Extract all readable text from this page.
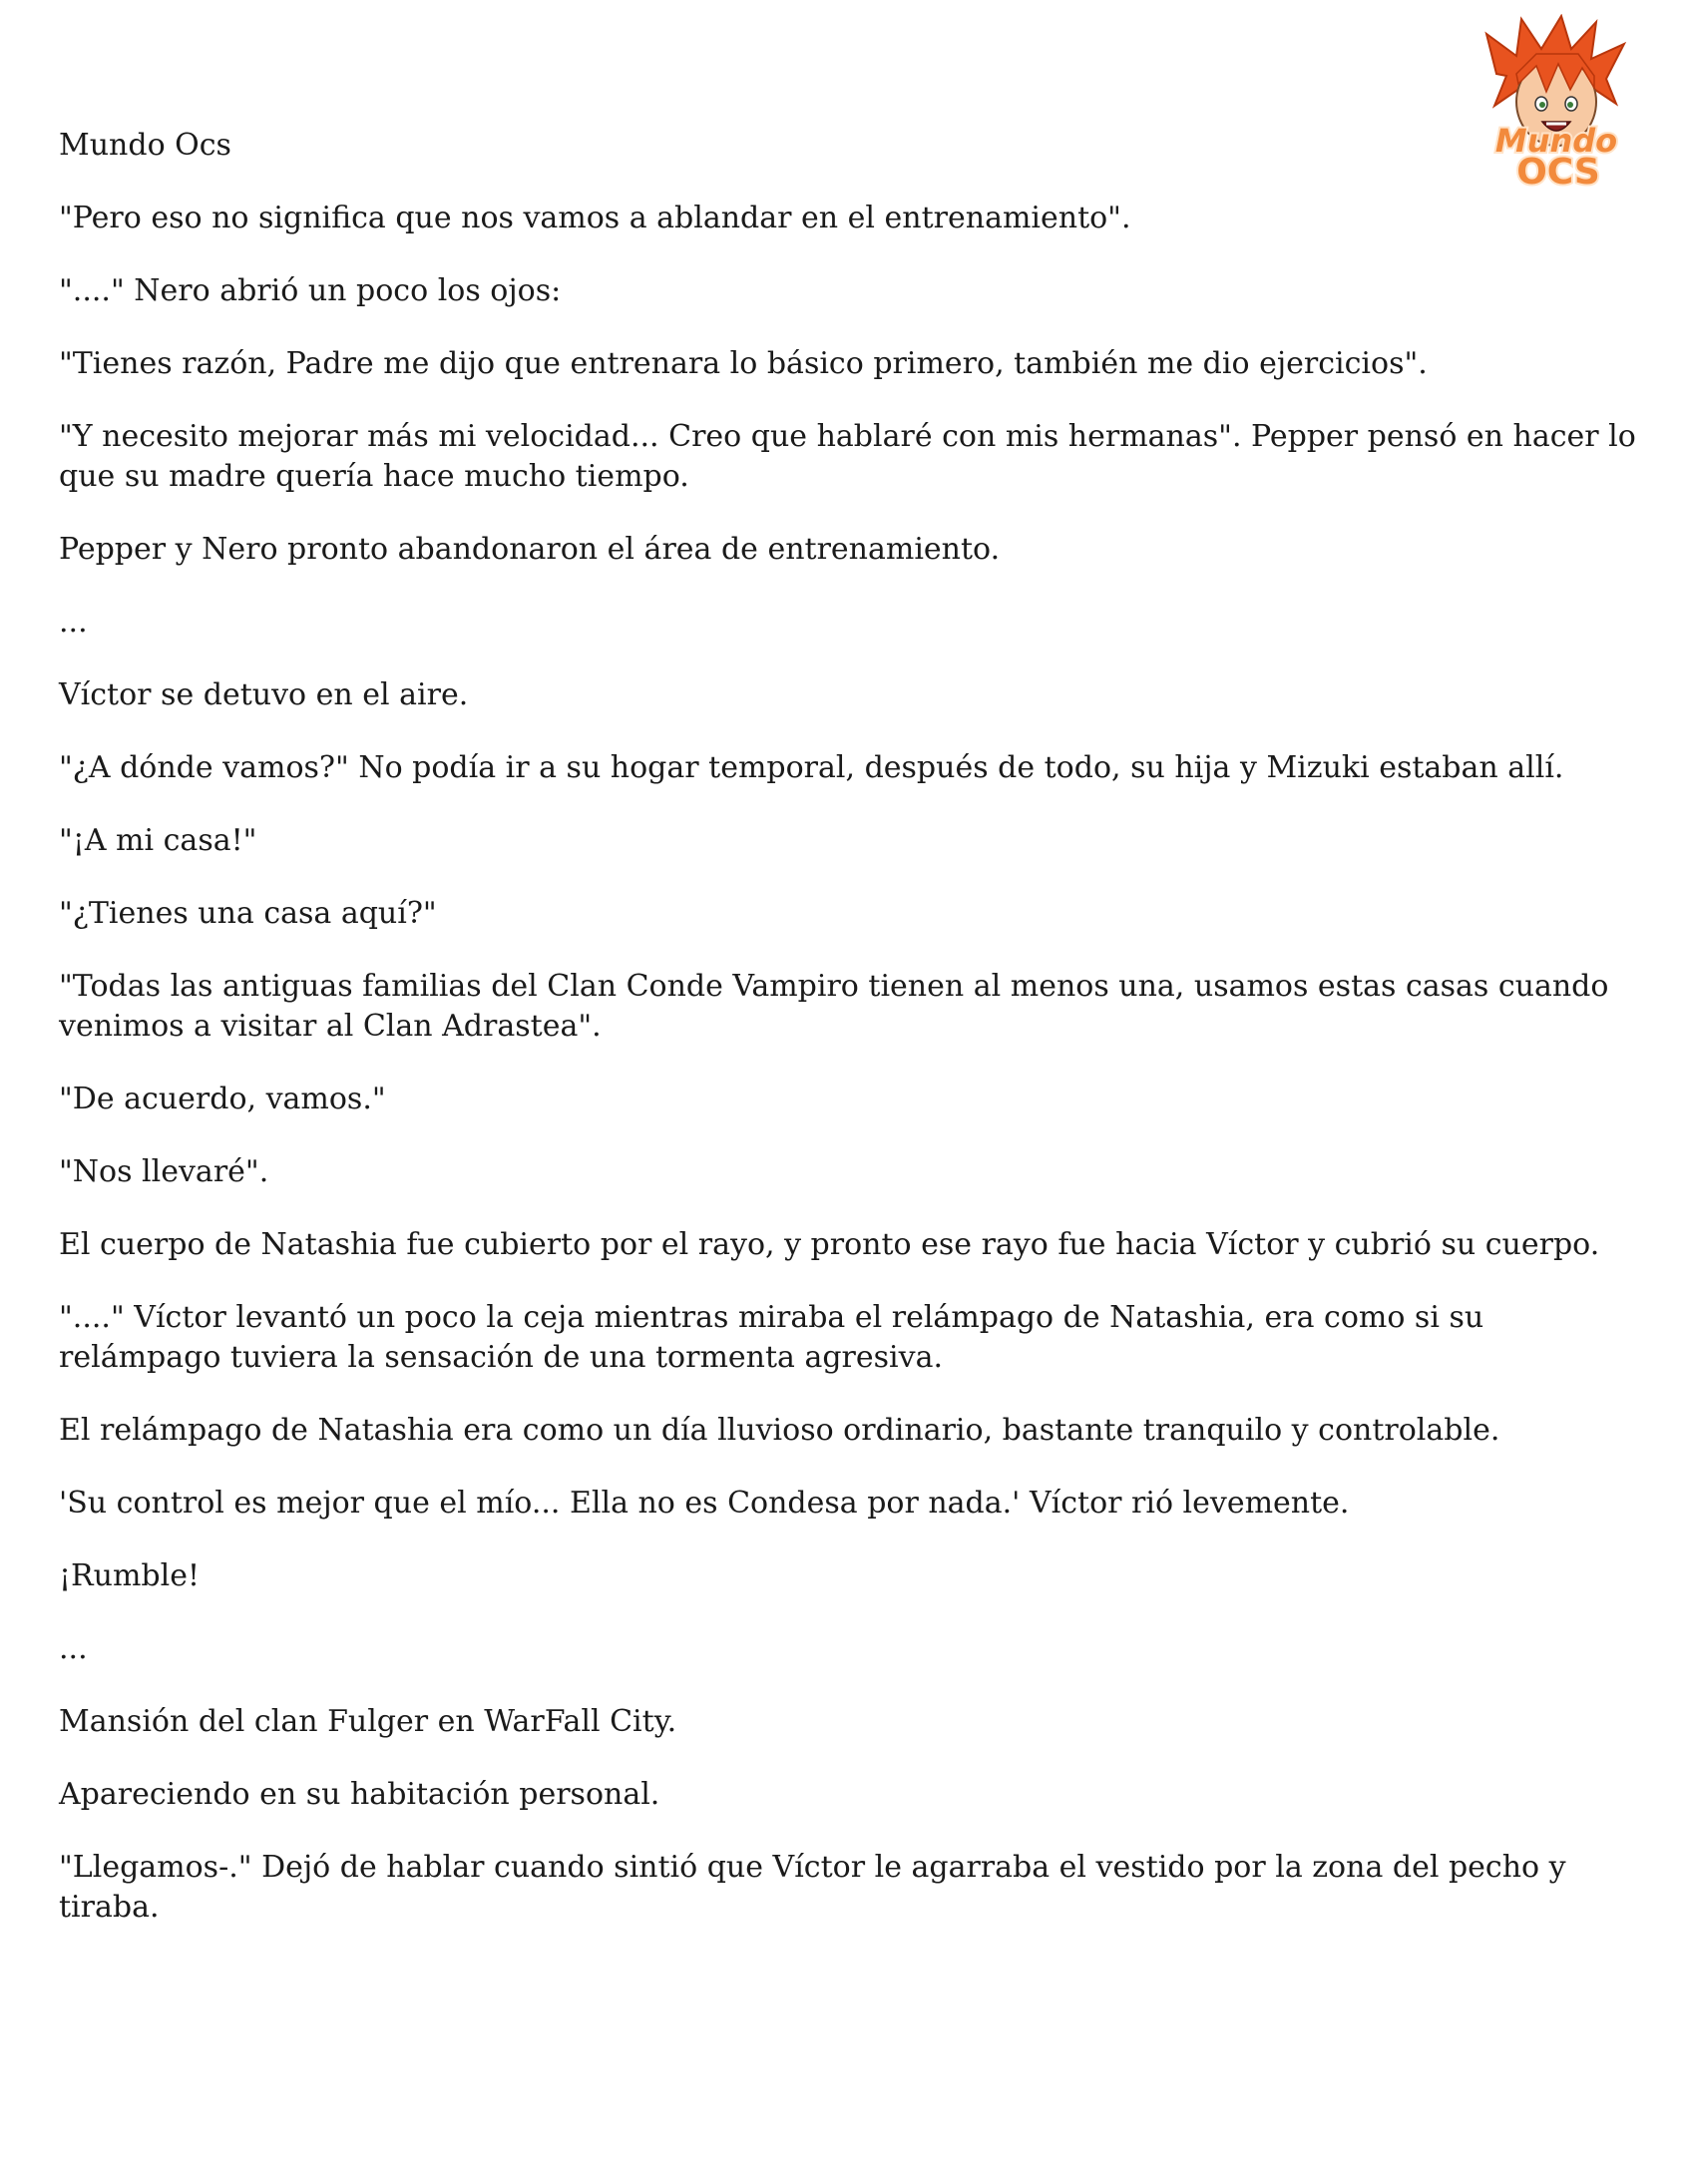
Mundo
OCS

Mundo Ocs

"Pero eso no significa que nos vamos a ablandar en el entrenamiento".

"...." Nero abrió un poco los ojos:

"Tienes razón, Padre me dijo que entrenara lo básico primero, también me dio ejercicios".

"Y necesito mejorar más mi velocidad... Creo que hablaré con mis hermanas". Pepper pensó en hacer lo que su madre quería hace mucho tiempo.

Pepper y Nero pronto abandonaron el área de entrenamiento.

...

Víctor se detuvo en el aire.

"¿A dónde vamos?" No podía ir a su hogar temporal, después de todo, su hija y Mizuki estaban allí.

"¡A mi casa!"

"¿Tienes una casa aquí?"

"Todas las antiguas familias del Clan Conde Vampiro tienen al menos una, usamos estas casas cuando venimos a visitar al Clan Adrastea".

"De acuerdo, vamos."

"Nos llevaré".

El cuerpo de Natashia fue cubierto por el rayo, y pronto ese rayo fue hacia Víctor y cubrió su cuerpo.

"...." Víctor levantó un poco la ceja mientras miraba el relámpago de Natashia, era como si su relámpago tuviera la sensación de una tormenta agresiva.

El relámpago de Natashia era como un día lluvioso ordinario, bastante tranquilo y controlable.

'Su control es mejor que el mío... Ella no es Condesa por nada.' Víctor rió levemente.

¡Rumble!

...

Mansión del clan Fulger en WarFall City.

Apareciendo en su habitación personal.

"Llegamos-." Dejó de hablar cuando sintió que Víctor le agarraba el vestido por la zona del pecho y tiraba.
